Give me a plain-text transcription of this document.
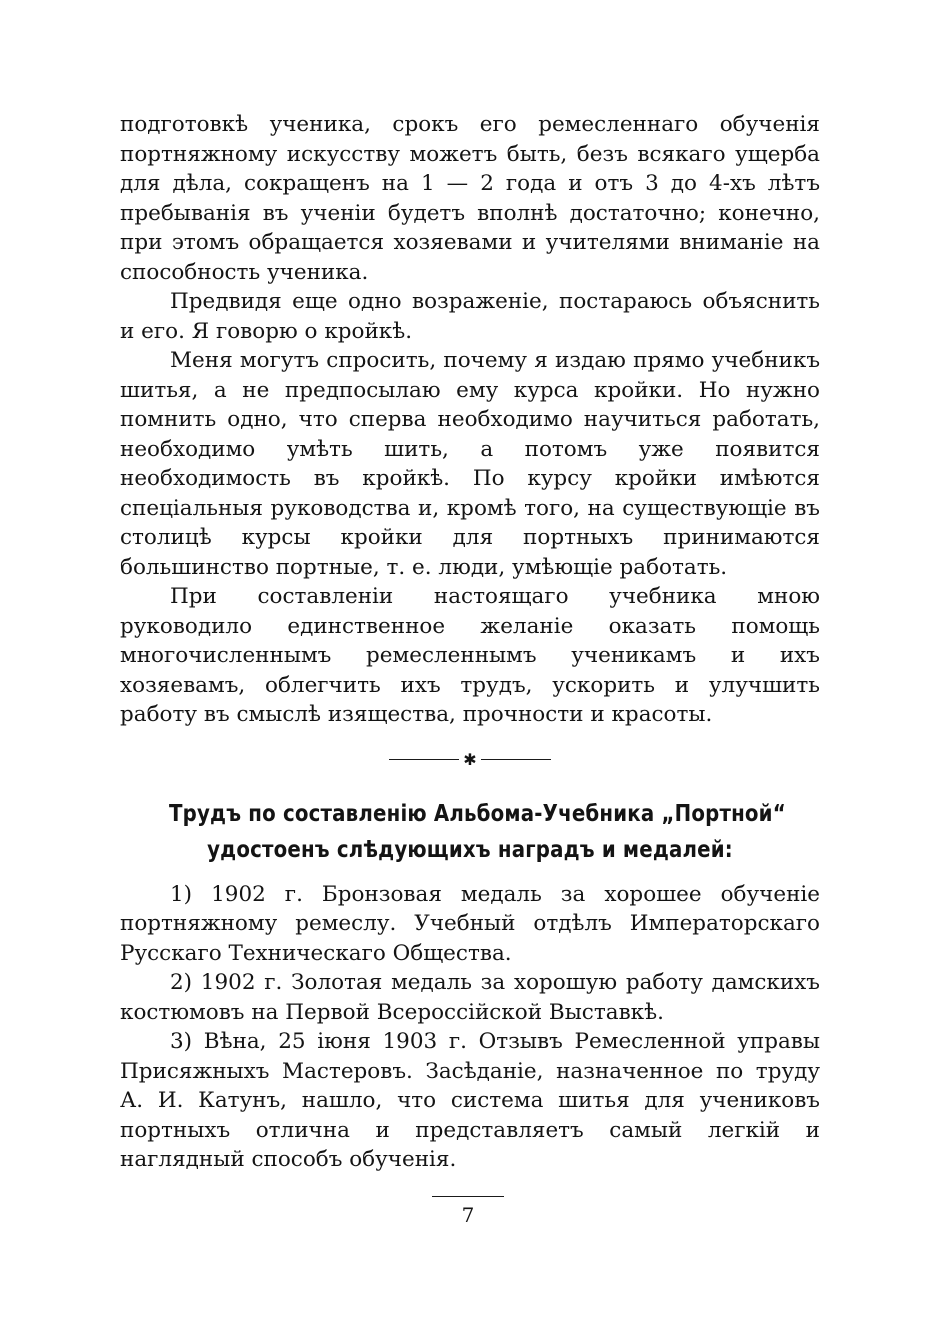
подготовкѣ ученика, срокъ его ремесленнаго обученія портняжному искусству можетъ быть, безъ всякаго ущерба для дѣла, сокращенъ на 1 — 2 года и отъ 3 до 4-хъ лѣтъ пребыванія въ ученіи будетъ вполнѣ достаточно; конечно, при этомъ обращается хозяевами и учителями вниманіе на способность ученика.

Предвидя еще одно возраженіе, постараюсь объяснить и его. Я говорю о кройкѣ.

Меня могутъ спросить, почему я издаю прямо учебникъ шитья, а не предпосылаю ему курса кройки. Но нужно помнить одно, что сперва необходимо научиться работать, необходимо умѣть шить, а потомъ уже появится необходимость въ кройкѣ. По курсу кройки имѣются спеціальныя руководства и, кромѣ того, на существующіе въ столицѣ курсы кройки для портныхъ принимаются большинство портные, т. е. люди, умѣющіе работать.

При составленіи настоящаго учебника мною руководило единственное желаніе оказать помощь многочисленнымъ ремесленнымъ ученикамъ и ихъ хозяевамъ, облегчить ихъ трудъ, ускорить и улучшить работу въ смыслѣ изящества, прочности и красоты.

✱
Трудъ по составленію Альбома-Учебника „Портной“
удостоенъ слѣдующихъ наградъ и медалей:

1) 1902 г. Бронзовая медаль за хорошее обученіе портняжному ремеслу. Учебный отдѣлъ Императорскаго Русскаго Техническаго Общества.

2) 1902 г. Золотая медаль за хорошую работу дамскихъ костюмовъ на Первой Всероссійской Выставкѣ.

3) Вѣна, 25 іюня 1903 г. Отзывъ Ремесленной управы Присяжныхъ Мастеровъ. Засѣданіе, назначенное по труду А. И. Катунъ, нашло, что система шитья для учениковъ портныхъ отлична и представляетъ самый легкій и наглядный способъ обученія.

7
